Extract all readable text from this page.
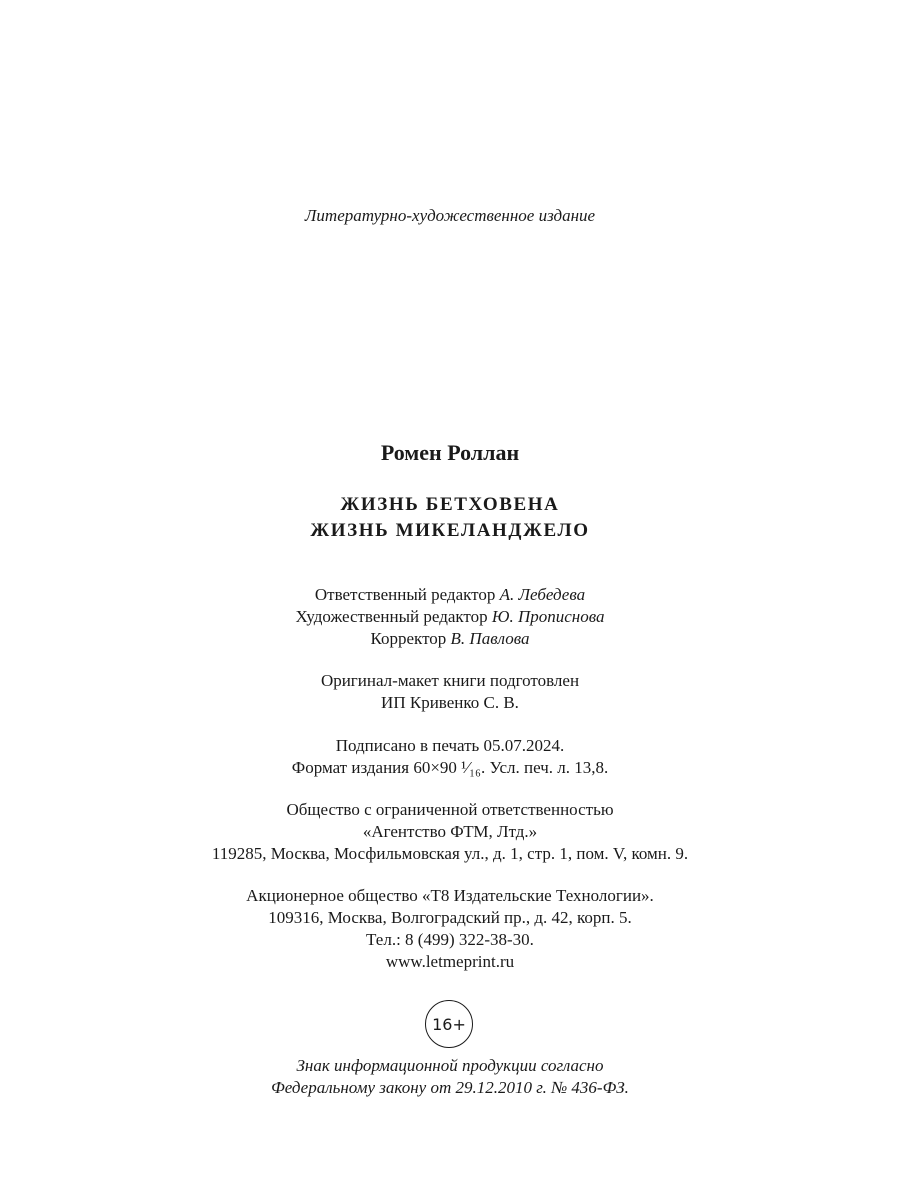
Литературно-художественное издание
Ромен Роллан
ЖИЗНЬ БЕТХОВЕНА
ЖИЗНЬ МИКЕЛАНДЖЕЛО
Ответственный редактор А. Лебедева
Художественный редактор Ю. Прописнова
Корректор В. Павлова
Оригинал-макет книги подготовлен
ИП Кривенко С. В.
Подписано в печать 05.07.2024.
Формат издания 60×90 ¹⁄₁₆. Усл. печ. л. 13,8.
Общество с ограниченной ответственностью
«Агентство ФТМ, Лтд.»
119285, Москва, Мосфильмовская ул., д. 1, стр. 1, пом. V, комн. 9.
Акционерное общество «Т8 Издательские Технологии».
109316, Москва, Волгоградский пр., д. 42, корп. 5.
Тел.: 8 (499) 322-38-30.
www.letmeprint.ru
16+
Знак информационной продукции согласно
Федеральному закону от 29.12.2010 г. № 436-ФЗ.
